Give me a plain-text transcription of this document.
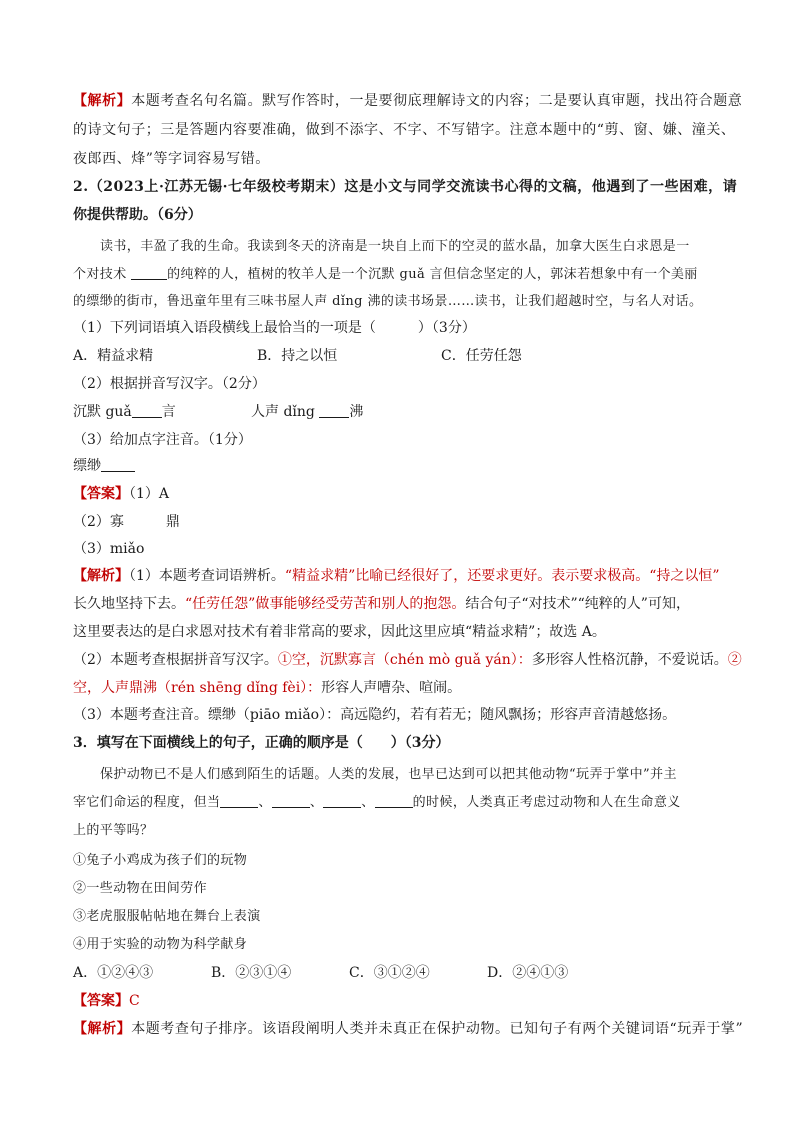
【解析】本题考查名句名篇。默写作答时，一是要彻底理解诗文的内容；二是要认真审题，找出符合题意
的诗文句子；三是答题内容要准确，做到不添字、不字、不写错字。注意本题中的“剪、窗、嫌、潼关、
夜郎西、烽”等字词容易写错。
2.（2023上·江苏无锡·七年级校考期末）这是小文与同学交流读书心得的文稿，他遇到了一些困难，请
你提供帮助。（6分）
读书，丰盈了我的生命。我读到冬天的济南是一块自上而下的空灵的蓝水晶，加拿大医生白求恩是一
个对技术	的纯粹的人，植树的牧羊人是一个沉默 guǎ 言但信念坚定的人，郭沫若想象中有一个美丽
的缥缈的街市，鲁迅童年里有三味书屋人声 dǐng 沸的读书场景……读书，让我们超越时空，与名人对话。
（1）下列词语填入语段横线上最恰当的一项是（　　　）（3分）
A．精益求精	B．持之以恒	C．任劳任怨
（2）根据拼音写汉字。（2分）
沉默 guǎ 言	人声 dǐng 沸
（3）给加点字注音。（1分）
缥缈
【答案】（1）A
（2）寡　　　鼎
（3）miǎo
【解析】（1）本题考查词语辨析。“精益求精”比喻已经很好了，还要求更好。表示要求极高。“持之以恒”
长久地坚持下去。“任劳任怨”做事能够经受劳苦和别人的抱怨。结合句子“对技术”“纯粹的人”可知，
这里要表达的是白求恩对技术有着非常高的要求，因此这里应填“精益求精”；故选 A。
（2）本题考查根据拼音写汉字。①空，沉默寡言（chén mò guǎ yán）：多形容人性格沉静，不爱说话。②
空，人声鼎沸（rén shēng dǐng fèi）：形容人声嘈杂、喧闹。
（3）本题考查注音。缥缈（piāo miǎo）：高远隐约，若有若无；随风飘扬；形容声音清越悠扬。
3．填写在下面横线上的句子，正确的顺序是（　　）（3分）
保护动物已不是人们感到陌生的话题。人类的发展，也早已达到可以把其他动物“玩弄于掌中”并主
宰它们命运的程度，但当	、	、	、	的时候，人类真正考虑过动物和人在生命意义
上的平等吗？
①兔子小鸡成为孩子们的玩物
②一些动物在田间劳作
③老虎服服帖帖地在舞台上表演
④用于实验的动物为科学献身
A．①②④③	B．②③①④	C．③①②④	D．②④①③
【答案】C
【解析】本题考查句子排序。该语段阐明人类并未真正在保护动物。已知句子有两个关键词语“玩弄于掌”
